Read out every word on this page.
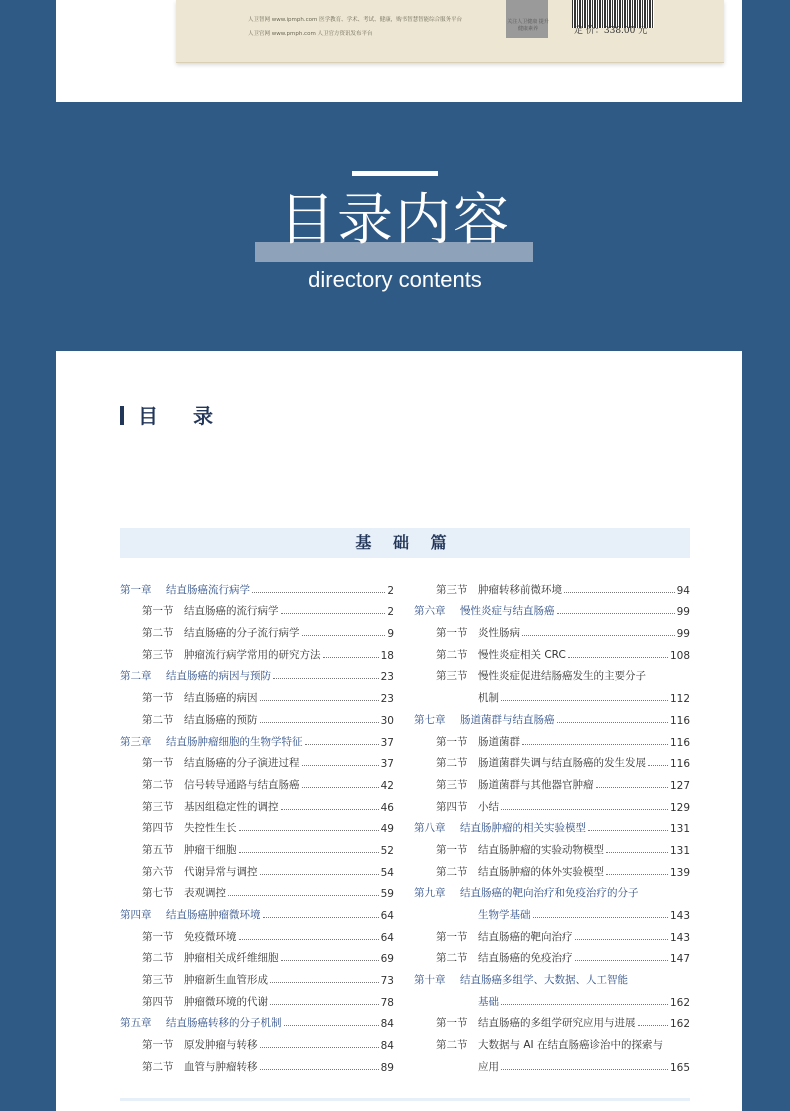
人卫智网 www.ipmph.com 医学教育、学术、考试、健康，购书智慧智能综合服务平台
人卫官网 www.pmph.com 人卫官方资讯发布平台
关注人卫健康 提升健康素养	定 价：338.00 元
目录内容
directory contents
目 录
基 础 篇
第一章	结直肠癌流行病学	2
第一节	结直肠癌的流行病学	2
第二节	结直肠癌的分子流行病学	9
第三节	肿瘤流行病学常用的研究方法	18
第二章	结直肠癌的病因与预防	23
第一节	结直肠癌的病因	23
第二节	结直肠癌的预防	30
第三章	结直肠肿瘤细胞的生物学特征	37
第一节	结直肠癌的分子演进过程	37
第二节	信号转导通路与结直肠癌	42
第三节	基因组稳定性的调控	46
第四节	失控性生长	49
第五节	肿瘤干细胞	52
第六节	代谢异常与调控	54
第七节	表观调控	59
第四章	结直肠癌肿瘤微环境	64
第一节	免疫微环境	64
第二节	肿瘤相关成纤维细胞	69
第三节	肿瘤新生血管形成	73
第四节	肿瘤微环境的代谢	78
第五章	结直肠癌转移的分子机制	84
第一节	原发肿瘤与转移	84
第二节	血管与肿瘤转移	89
第三节	肿瘤转移前微环境	94
第六章	慢性炎症与结直肠癌	99
第一节	炎性肠病	99
第二节	慢性炎症相关 CRC	108
第三节	慢性炎症促进结肠癌发生的主要分子
机制	112
第七章	肠道菌群与结直肠癌	116
第一节	肠道菌群	116
第二节	肠道菌群失调与结直肠癌的发生发展 116
第三节	肠道菌群与其他器官肿瘤	127
第四节	小结	129
第八章	结直肠肿瘤的相关实验模型	131
第一节	结直肠肿瘤的实验动物模型	131
第二节	结直肠肿瘤的体外实验模型	139
第九章	结直肠癌的靶向治疗和免疫治疗的分子
生物学基础	143
第一节	结直肠癌的靶向治疗	143
第二节	结直肠癌的免疫治疗	147
第十章	结直肠癌多组学、大数据、人工智能
基础	162
第一节	结直肠癌的多组学研究应用与进展	162
第二节	大数据与 AI 在结直肠癌诊治中的探索与
应用	165
